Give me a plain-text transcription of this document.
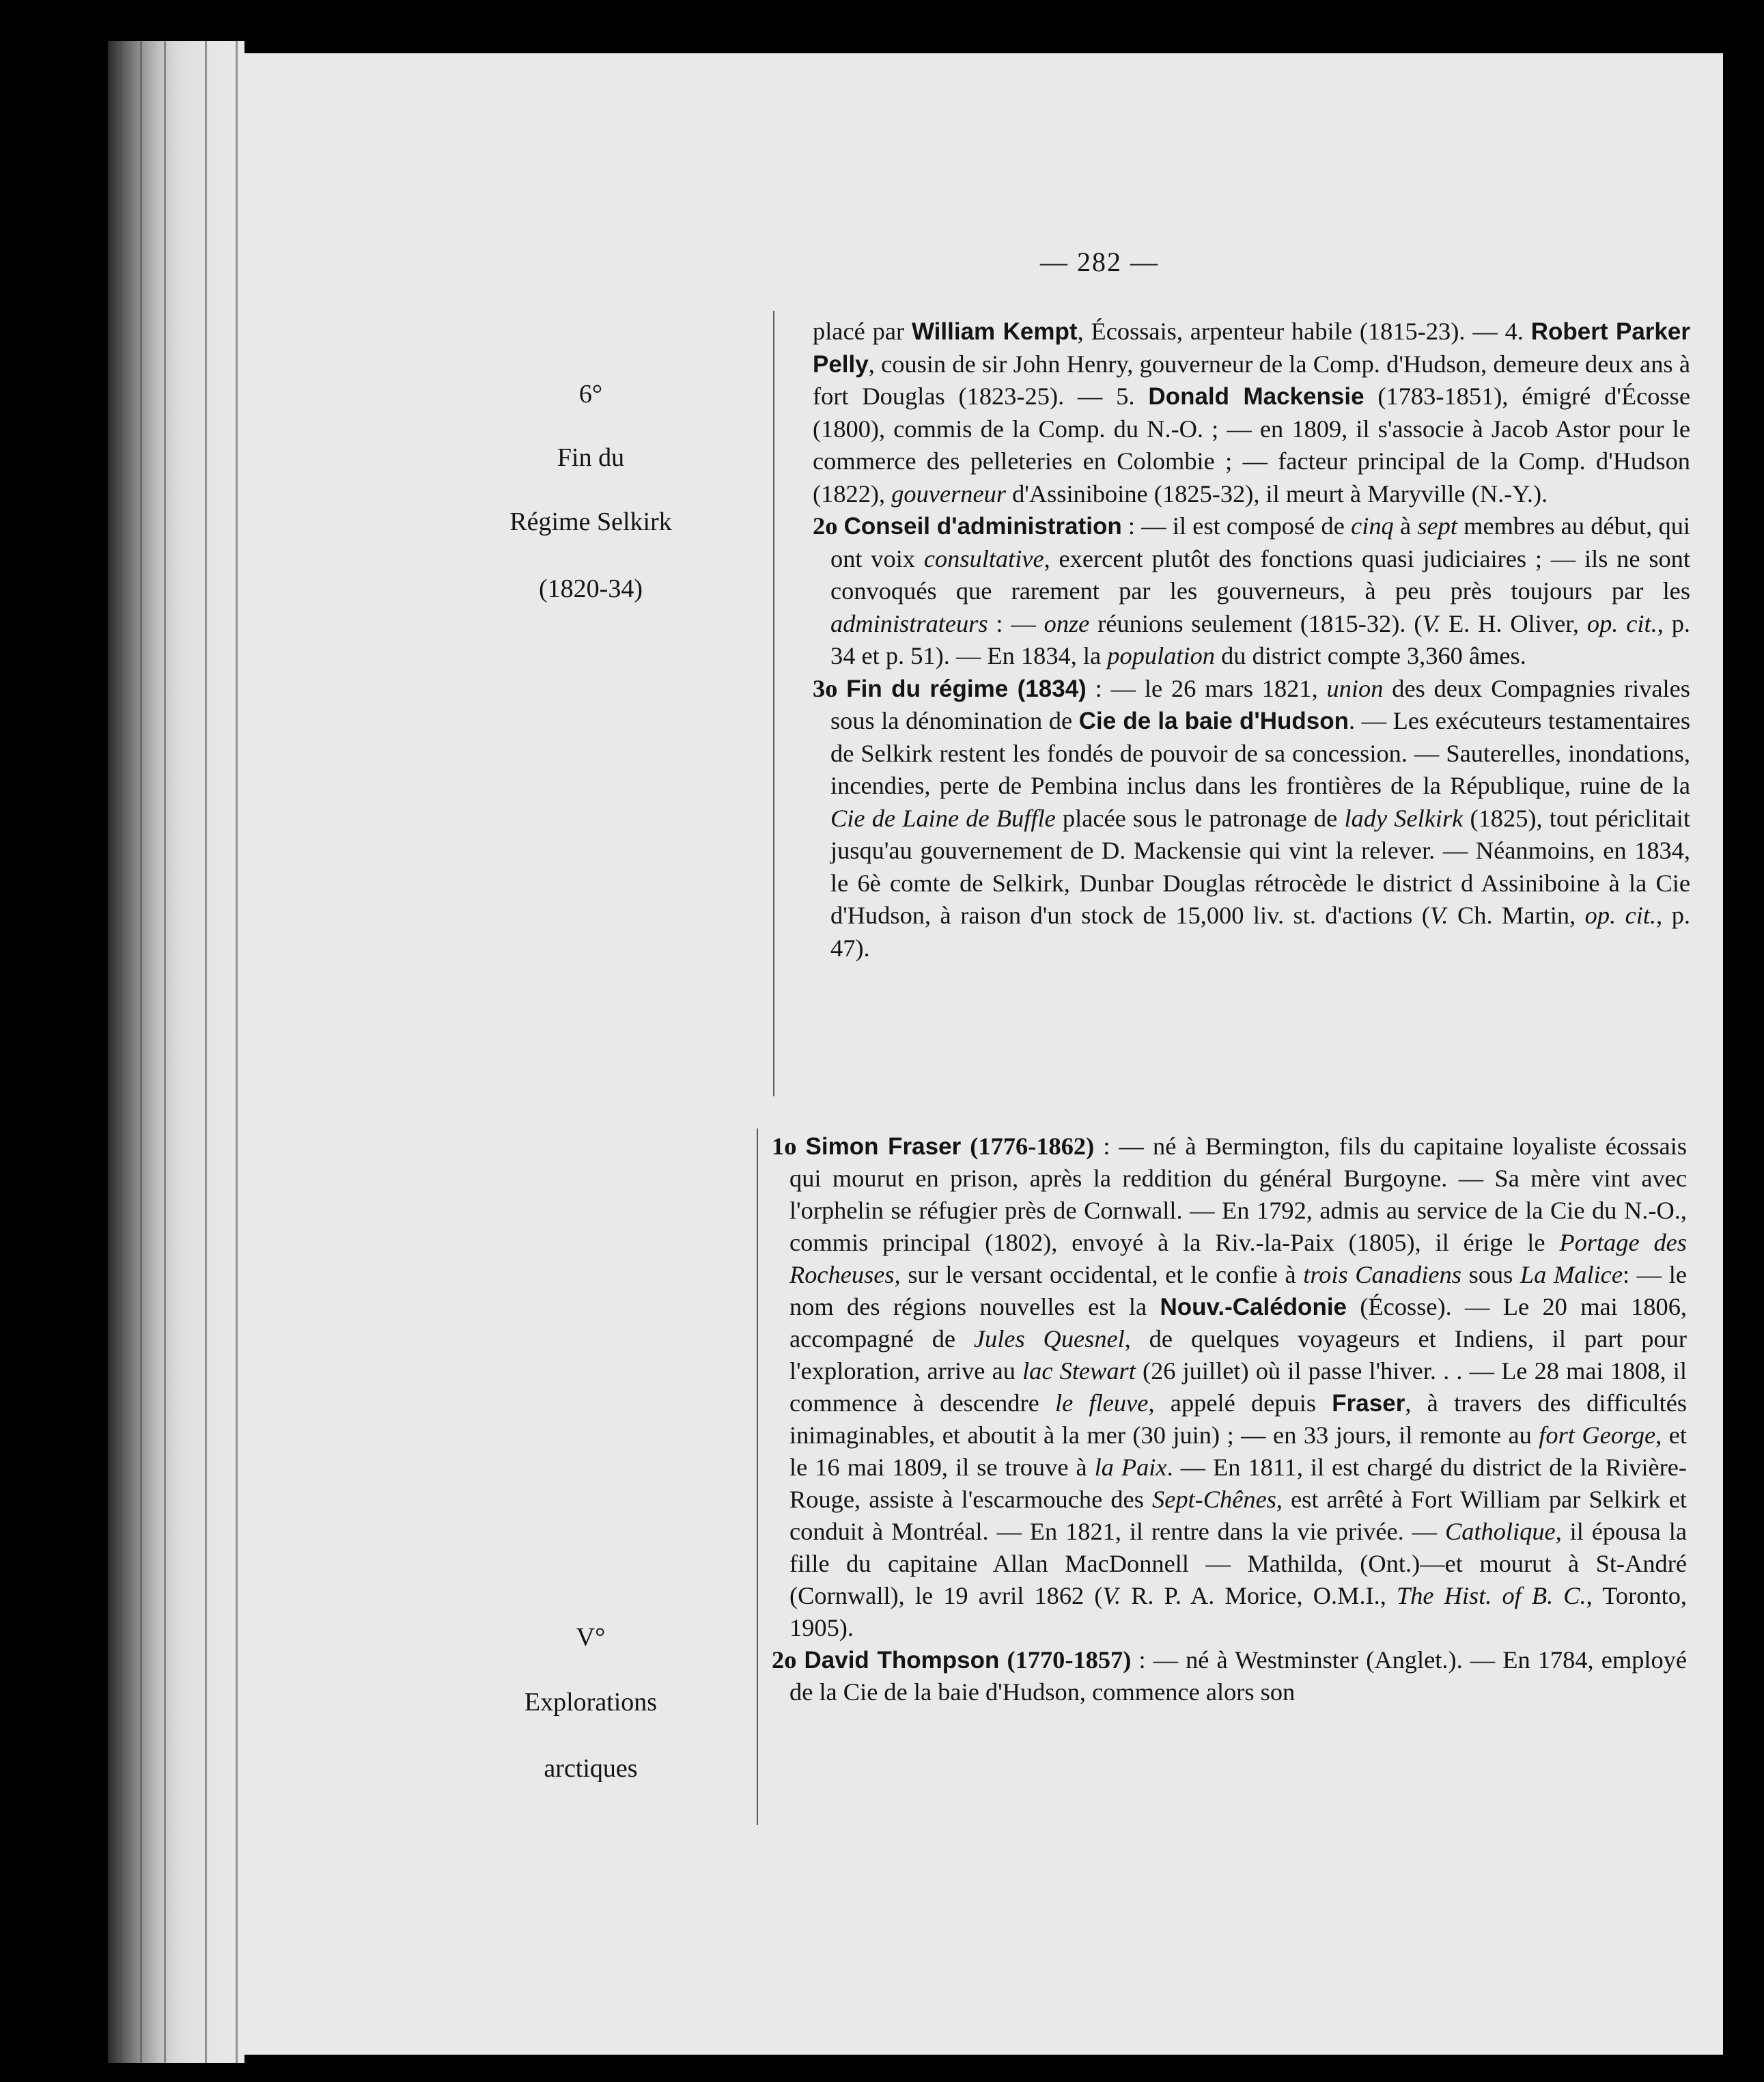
— 282 —
6°
Fin du
Régime Selkirk
(1820-34)
V°
Explorations
arctiques

placé par William Kempt, Écossais, arpenteur habile (1815-23). — 4. Robert Parker Pelly, cousin de sir John Henry, gouverneur de la Comp. d'Hudson, demeure deux ans à fort Douglas (1823-25). — 5. Donald Mackensie (1783-1851), émigré d'Écosse (1800), commis de la Comp. du N.-O. ; — en 1809, il s'associe à Jacob Astor pour le commerce des pelleteries en Colombie ; — facteur principal de la Comp. d'Hudson (1822), gouverneur d'Assiniboine (1825-32), il meurt à Maryville (N.-Y.).

2o Conseil d'administration : — il est composé de cinq à sept membres au début, qui ont voix consultative, exercent plutôt des fonctions quasi judiciaires ; — ils ne sont convoqués que rarement par les gouverneurs, à peu près toujours par les administrateurs : — onze réunions seulement (1815-32). (V. E. H. Oliver, op. cit., p. 34 et p. 51). — En 1834, la population du district compte 3,360 âmes.

3o Fin du régime (1834) : — le 26 mars 1821, union des deux Compagnies rivales sous la dénomination de Cie de la baie d'Hudson. — Les exécuteurs testamentaires de Selkirk restent les fondés de pouvoir de sa concession. — Sauterelles, inondations, incendies, perte de Pembina inclus dans les frontières de la République, ruine de la Cie de Laine de Buffle placée sous le patronage de lady Selkirk (1825), tout périclitait jusqu'au gouvernement de D. Mackensie qui vint la relever. — Néanmoins, en 1834, le 6è comte de Selkirk, Dunbar Douglas rétrocède le district d Assiniboine à la Cie d'Hudson, à raison d'un stock de 15,000 liv. st. d'actions (V. Ch. Martin, op. cit., p. 47).

1o Simon Fraser (1776-1862) : — né à Bermington, fils du capitaine loyaliste écossais qui mourut en prison, après la reddition du général Burgoyne. — Sa mère vint avec l'orphelin se réfugier près de Cornwall. — En 1792, admis au service de la Cie du N.-O., commis principal (1802), envoyé à la Riv.-la-Paix (1805), il érige le Portage des Rocheuses, sur le versant occidental, et le confie à trois Canadiens sous La Malice: — le nom des régions nouvelles est la Nouv.-Calédonie (Écosse). — Le 20 mai 1806, accompagné de Jules Quesnel, de quelques voyageurs et Indiens, il part pour l'exploration, arrive au lac Stewart (26 juillet) où il passe l'hiver. . . — Le 28 mai 1808, il commence à descendre le fleuve, appelé depuis Fraser, à travers des difficultés inimaginables, et aboutit à la mer (30 juin) ; — en 33 jours, il remonte au fort George, et le 16 mai 1809, il se trouve à la Paix. — En 1811, il est chargé du district de la Rivière-Rouge, assiste à l'escarmouche des Sept-Chênes, est arrêté à Fort William par Selkirk et conduit à Montréal. — En 1821, il rentre dans la vie privée. — Catholique, il épousa la fille du capitaine Allan MacDonnell — Mathilda, (Ont.)—et mourut à St-André (Cornwall), le 19 avril 1862 (V. R. P. A. Morice, O.M.I., The Hist. of B. C., Toronto, 1905).

2o David Thompson (1770-1857) : — né à Westminster (Anglet.). — En 1784, employé de la Cie de la baie d'Hudson, commence alors son
